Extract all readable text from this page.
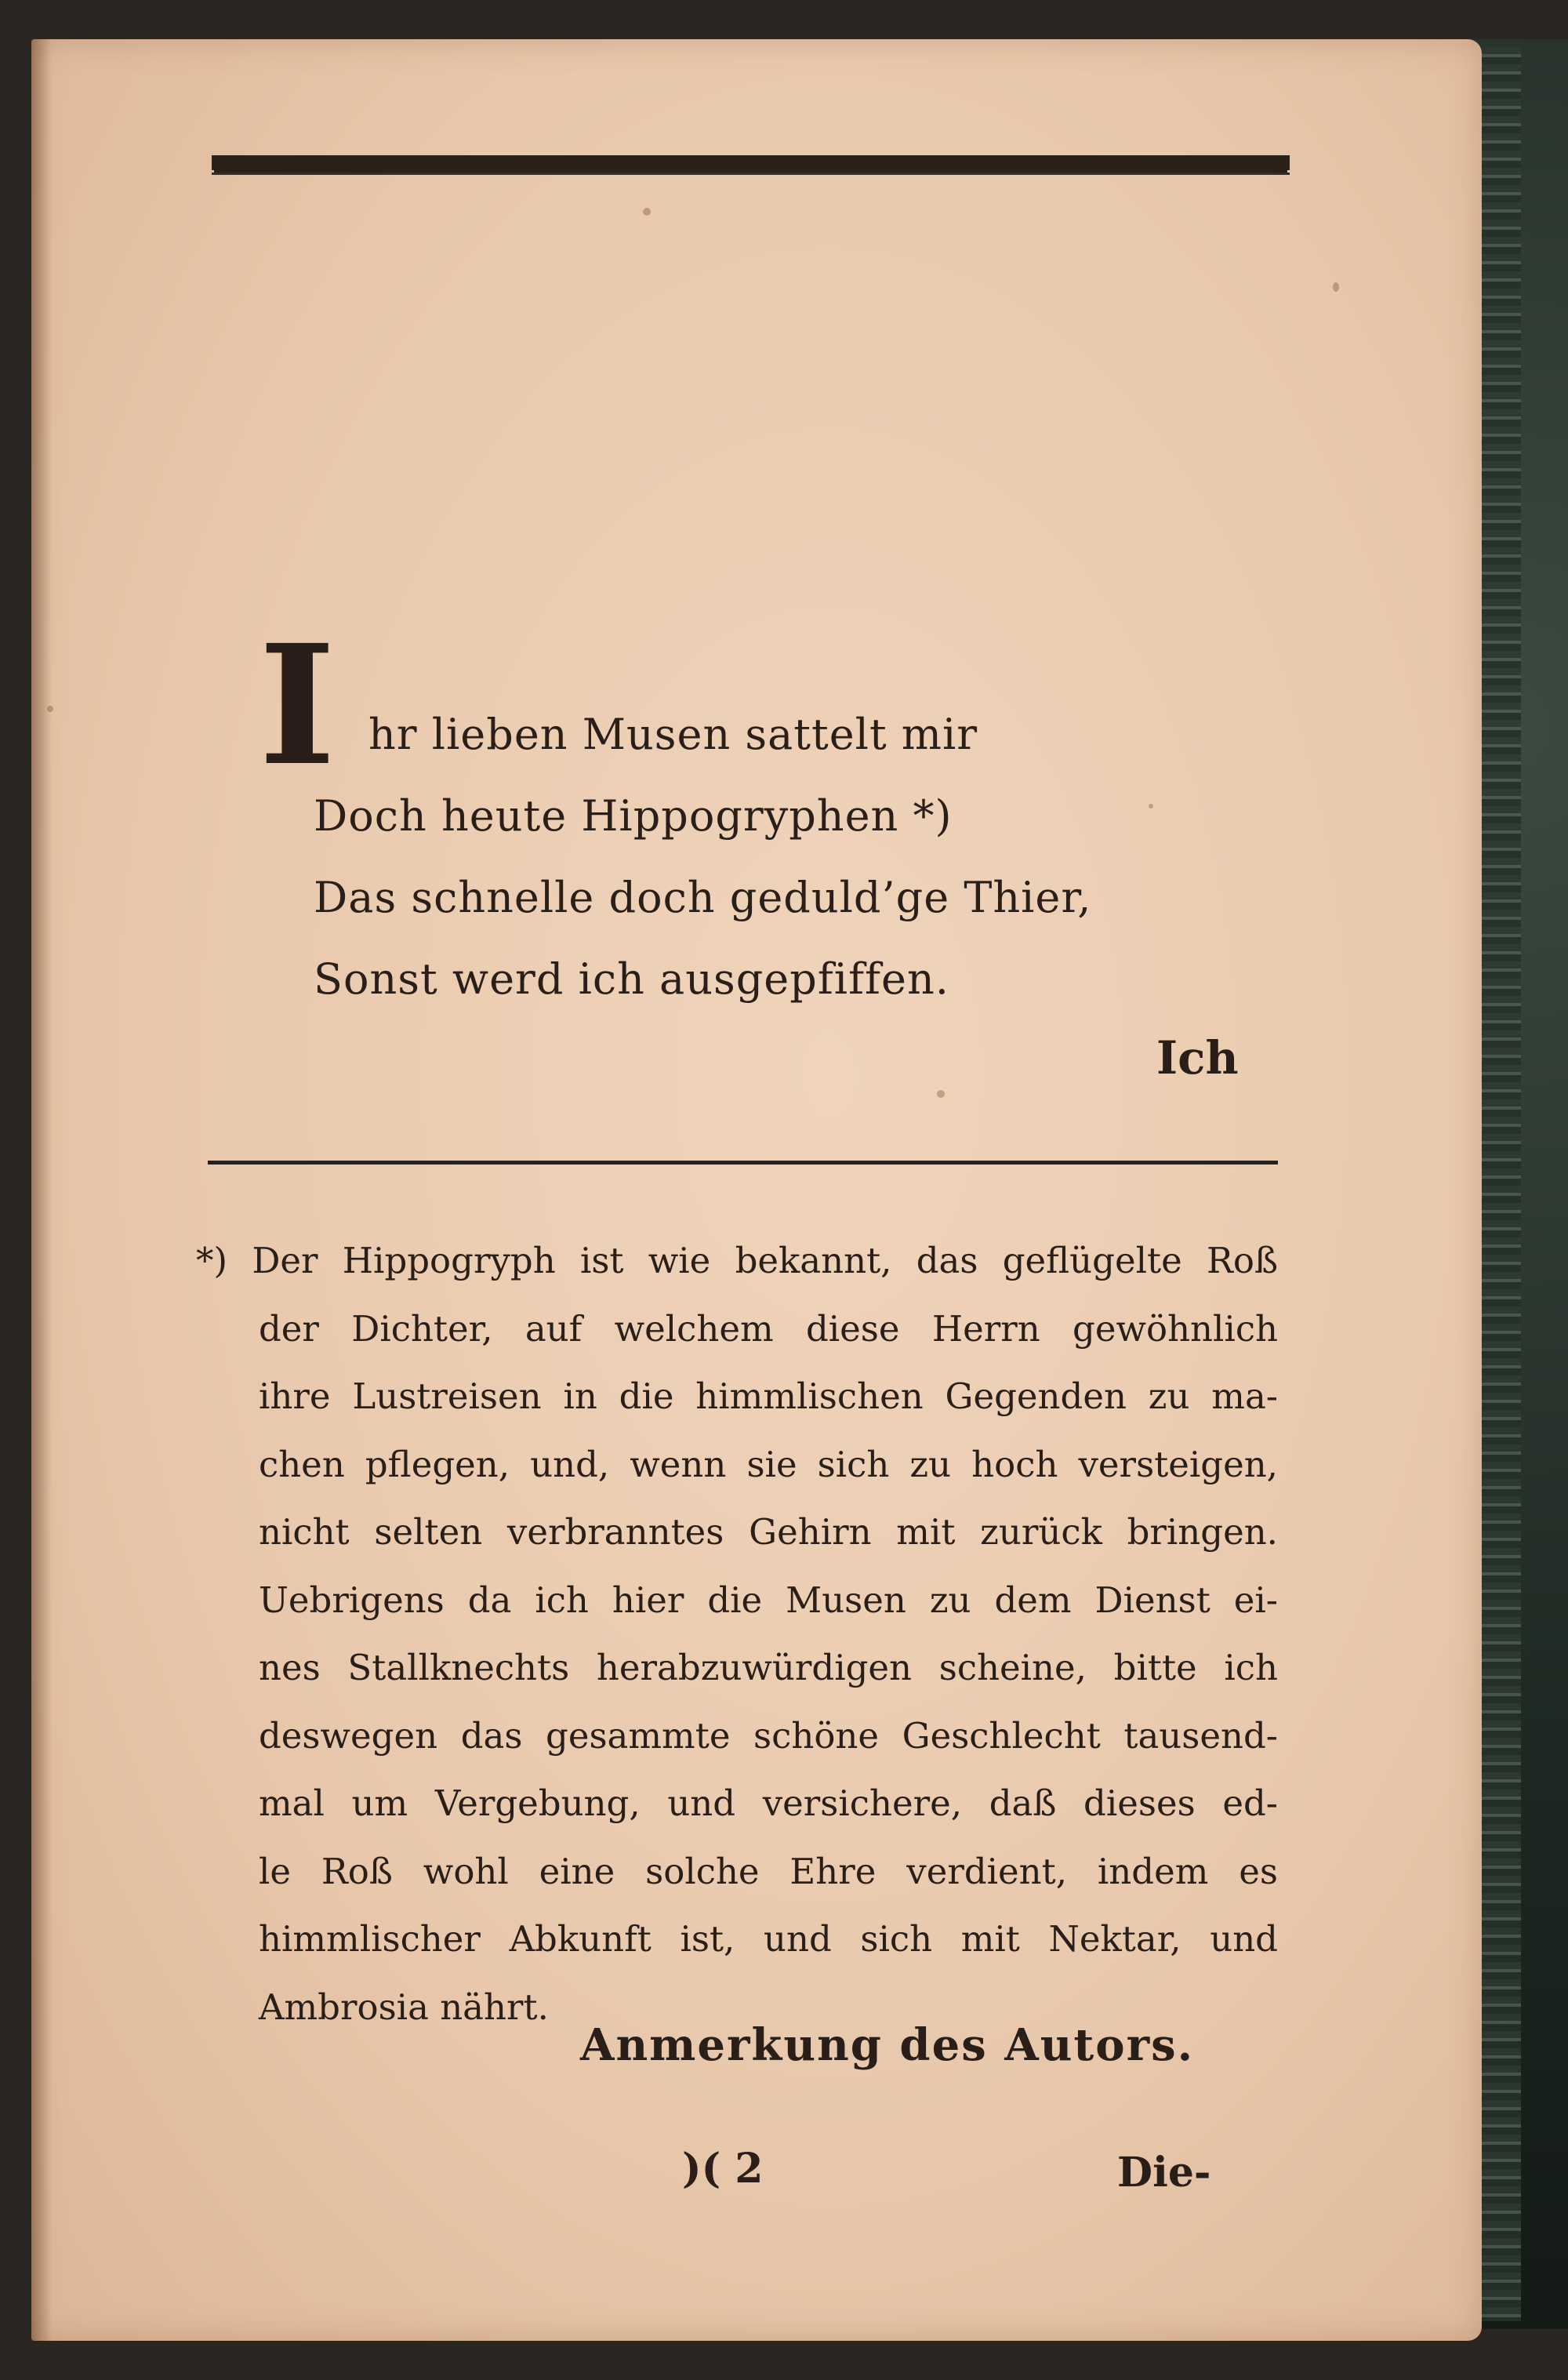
I hr lieben Musen sattelt mir
Doch heute Hippogryphen *)
Das schnelle doch geduld’ge Thier,
Sonst werd ich ausgepfiffen.
Ich
*) Der Hippogryph ist wie bekannt, das geflügelte Roß
der Dichter, auf welchem diese Herrn gewöhnlich
ihre Lustreisen in die himmlischen Gegenden zu ma-
chen pflegen, und, wenn sie sich zu hoch versteigen,
nicht selten verbranntes Gehirn mit zurück bringen.
Uebrigens da ich hier die Musen zu dem Dienst ei-
nes Stallknechts herabzuwürdigen scheine, bitte ich
deswegen das gesammte schöne Geschlecht tausend-
mal um Vergebung, und versichere, daß dieses ed-
le Roß wohl eine solche Ehre verdient, indem es
himmlischer Abkunft ist, und sich mit Nektar, und
Ambrosia nährt.
Anmerkung des Autors.
)( 2	Die-
